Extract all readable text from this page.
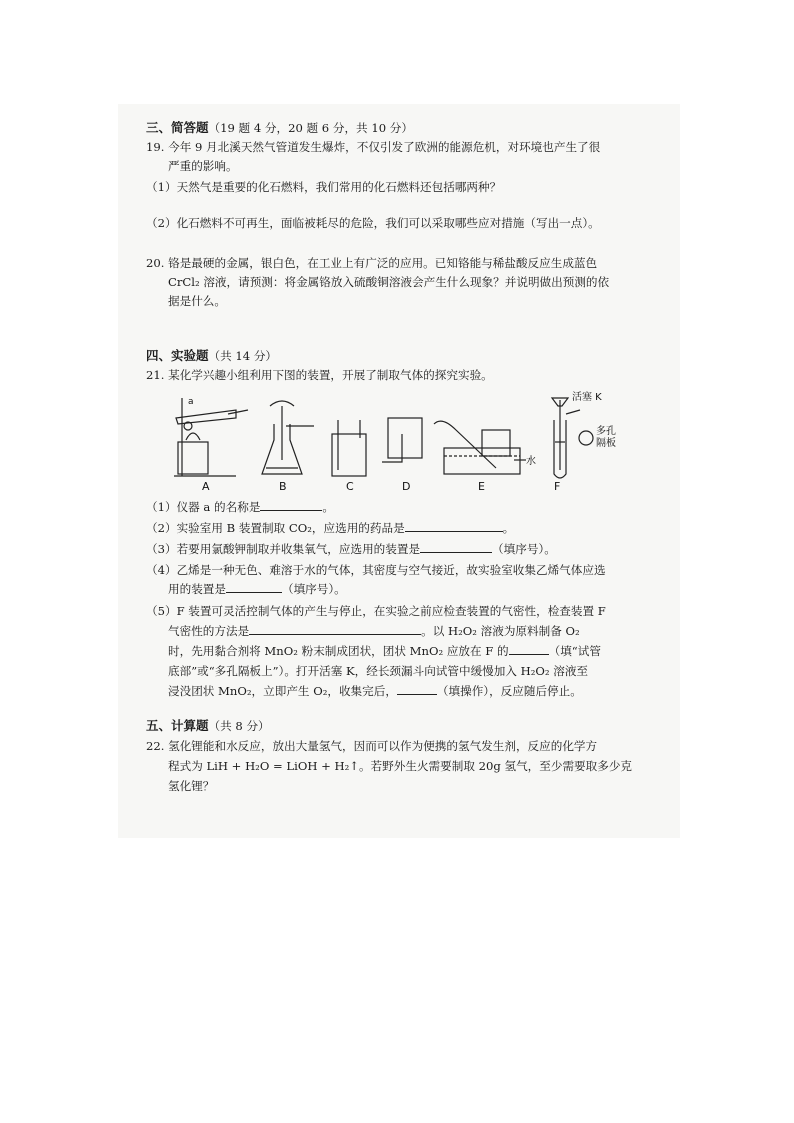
三、简答题（19 题 4 分，20 题 6 分，共 10 分）
19. 今年 9 月北溪天然气管道发生爆炸，不仅引发了欧洲的能源危机，对环境也产生了很
严重的影响。
（1）天然气是重要的化石燃料，我们常用的化石燃料还包括哪两种？
（2）化石燃料不可再生，面临被耗尽的危险，我们可以采取哪些应对措施（写出一点）。
20. 铬是最硬的金属，银白色，在工业上有广泛的应用。已知铬能与稀盐酸反应生成蓝色
CrCl₂ 溶液，请预测：将金属铬放入硫酸铜溶液会产生什么现象？并说明做出预测的依
据是什么。
四、实验题（共 14 分）
21. 某化学兴趣小组利用下图的装置，开展了制取气体的探究实验。
a
A	B	C	D	E	F
活塞 K
水
多孔
隔板
（1）仪器 a 的名称是	。
（2）实验室用 B 装置制取 CO₂，应选用的药品是	。
（3）若要用氯酸钾制取并收集氧气，应选用的装置是	（填序号）。
（4）乙烯是一种无色、难溶于水的气体，其密度与空气接近，故实验室收集乙烯气体应选
用的装置是	（填序号）。
（5）F 装置可灵活控制气体的产生与停止，在实验之前应检查装置的气密性，检查装置 F
气密性的方法是	。以 H₂O₂ 溶液为原料制备 O₂
时，先用黏合剂将 MnO₂ 粉末制成团状，团状 MnO₂ 应放在 F 的	（填“试管
底部”或“多孔隔板上”）。打开活塞 K，经长颈漏斗向试管中缓慢加入 H₂O₂ 溶液至
浸没团状 MnO₂，立即产生 O₂，收集完后，	（填操作），反应随后停止。
五、计算题（共 8 分）
22. 氢化锂能和水反应，放出大量氢气，因而可以作为便携的氢气发生剂，反应的化学方
程式为 LiH + H₂O = LiOH + H₂↑。若野外生火需要制取 20g 氢气，至少需要取多少克
氢化锂？
